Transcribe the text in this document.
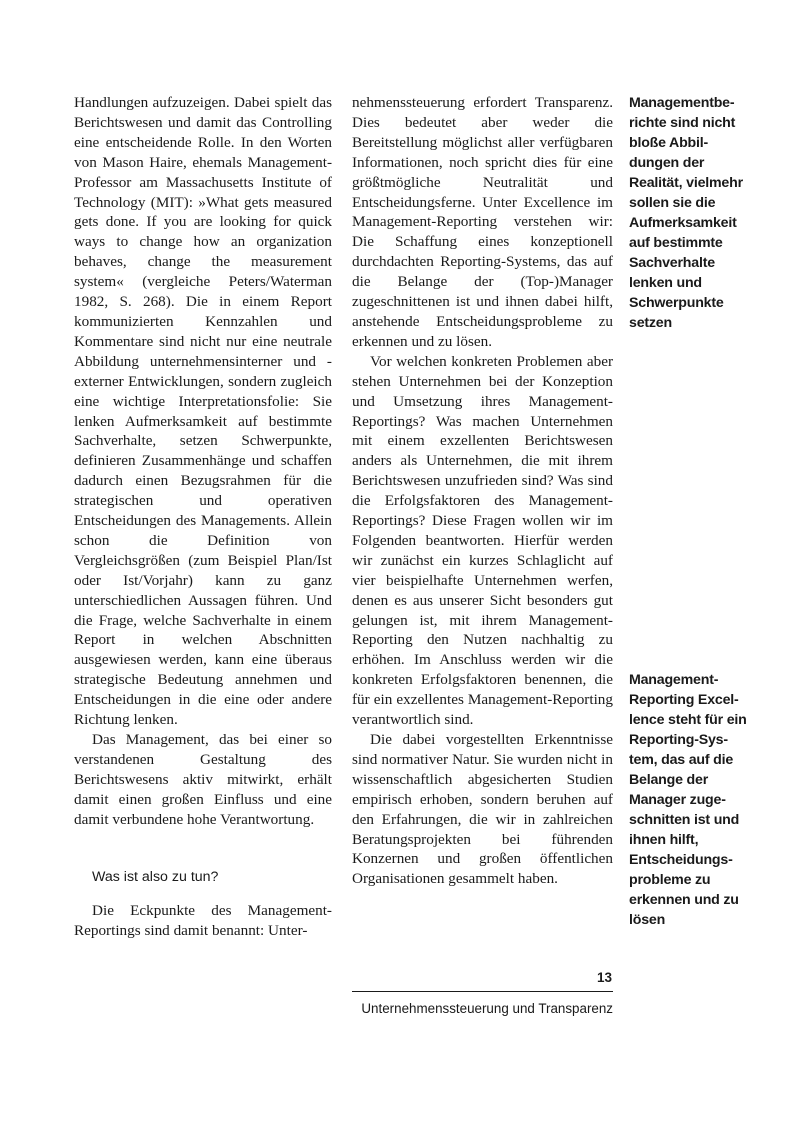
Handlungen aufzuzeigen. Dabei spielt das Berichtswesen und damit das Controlling eine entscheidende Rolle. In den Worten von Mason Haire, ehemals Management-Professor am Massachusetts Institute of Technology (MIT): »What gets measured gets done. If you are looking for quick ways to change how an organization behaves, change the measurement system« (vergleiche Peters/Waterman 1982, S. 268). Die in einem Report kommunizierten Kennzahlen und Kommentare sind nicht nur eine neutrale Abbildung unternehmensinterner und -externer Entwicklungen, sondern zugleich eine wichtige Interpretationsfolie: Sie lenken Aufmerksamkeit auf bestimmte Sachverhalte, setzen Schwerpunkte, definieren Zusammenhänge und schaffen dadurch einen Bezugsrahmen für die strategischen und operativen Entscheidungen des Managements. Allein schon die Definition von Vergleichsgrößen (zum Beispiel Plan/Ist oder Ist/Vorjahr) kann zu ganz unterschiedlichen Aussagen führen. Und die Frage, welche Sachverhalte in einem Report in welchen Abschnitten ausgewiesen werden, kann eine überaus strategische Bedeutung annehmen und Entscheidungen in die eine oder andere Richtung lenken.

Das Management, das bei einer so verstandenen Gestaltung des Berichtswesens aktiv mitwirkt, erhält damit einen großen Einfluss und eine damit verbundene hohe Verantwortung.

Was ist also zu tun?

Die Eckpunkte des Management-Reportings sind damit benannt: Unter-

nehmenssteuerung erfordert Transparenz. Dies bedeutet aber weder die Bereitstellung möglichst aller verfügbaren Informationen, noch spricht dies für eine größtmögliche Neutralität und Entscheidungsferne. Unter Excellence im Management-Reporting verstehen wir: Die Schaffung eines konzeptionell durchdachten Reporting-Systems, das auf die Belange der (Top-)Manager zugeschnittenen ist und ihnen dabei hilft, anstehende Entscheidungsprobleme zu erkennen und zu lösen.

Vor welchen konkreten Problemen aber stehen Unternehmen bei der Konzeption und Umsetzung ihres Management-Reportings? Was machen Unternehmen mit einem exzellenten Berichtswesen anders als Unternehmen, die mit ihrem Berichtswesen unzufrieden sind? Was sind die Erfolgsfaktoren des Management-Reportings? Diese Fragen wollen wir im Folgenden beantworten. Hierfür werden wir zunächst ein kurzes Schlaglicht auf vier beispielhafte Unternehmen werfen, denen es aus unserer Sicht besonders gut gelungen ist, mit ihrem Management-Reporting den Nutzen nachhaltig zu erhöhen. Im Anschluss werden wir die konkreten Erfolgsfaktoren benennen, die für ein exzellentes Management-Reporting verantwortlich sind.

Die dabei vorgestellten Erkenntnisse sind normativer Natur. Sie wurden nicht in wissenschaftlich abgesicherten Studien empirisch erhoben, sondern beruhen auf den Erfahrungen, die wir in zahlreichen Beratungsprojekten bei führenden Konzernen und großen öffentlichen Organisationen gesammelt haben.

Managementbe-
richte sind nicht
bloße Abbil-
dungen der
Realität, vielmehr
sollen sie die
Aufmerksamkeit
auf bestimmte
Sachverhalte
lenken und
Schwerpunkte
setzen
Management-
Reporting Excel-
lence steht für ein
Reporting-Sys-
tem, das auf die
Belange der
Manager zuge-
schnitten ist und
ihnen hilft,
Entscheidungs-
probleme zu
erkennen und zu
lösen
13
Unternehmenssteuerung und Transparenz
